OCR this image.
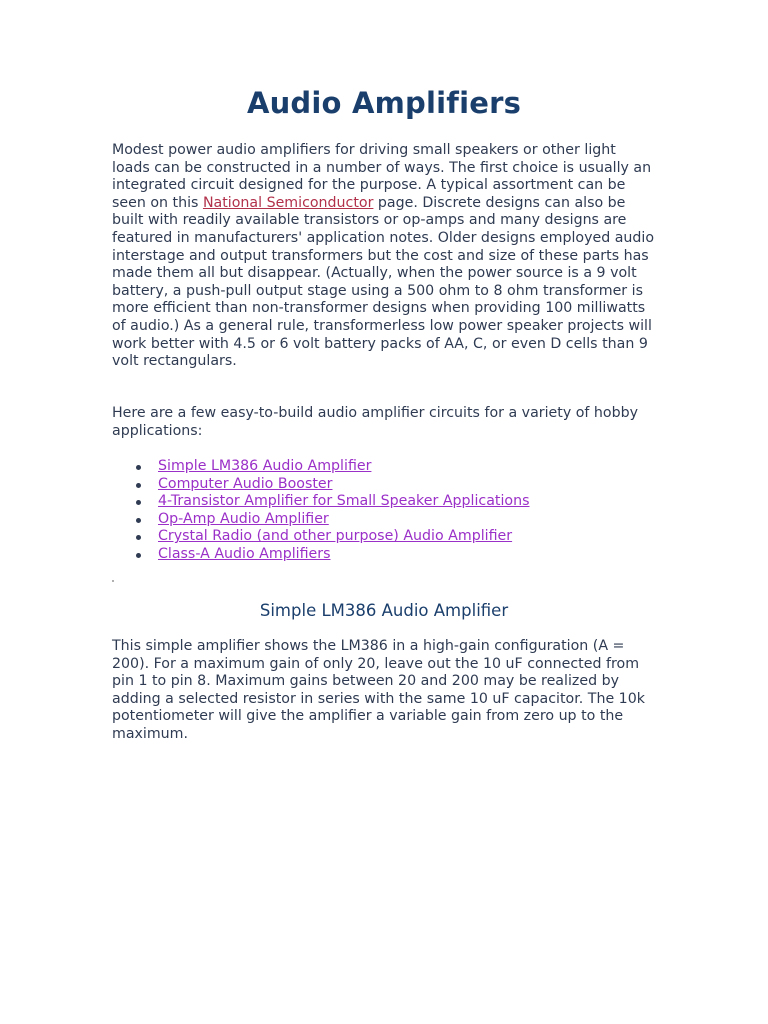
Audio Amplifiers

Modest power audio amplifiers for driving small speakers or other light loads can be constructed in a number of ways. The first choice is usually an integrated circuit designed for the purpose. A typical assortment can be seen on this National Semiconductor page. Discrete designs can also be built with readily available transistors or op-amps and many designs are featured in manufacturers' application notes. Older designs employed audio interstage and output transformers but the cost and size of these parts has made them all but disappear. (Actually, when the power source is a 9 volt battery, a push-pull output stage using a 500 ohm to 8 ohm transformer is more efficient than non-transformer designs when providing 100 milliwatts of audio.) As a general rule, transformerless low power speaker projects will work better with 4.5 or 6 volt battery packs of AA, C, or even D cells than 9 volt rectangulars.

Here are a few easy-to-build audio amplifier circuits for a variety of hobby applications:

Simple LM386 Audio Amplifier
Computer Audio Booster
4-Transistor Amplifier for Small Speaker Applications
Op-Amp Audio Amplifier
Crystal Radio (and other purpose) Audio Amplifier
Class-A Audio Amplifiers
Simple LM386 Audio Amplifier

This simple amplifier shows the LM386 in a high-gain configuration (A = 200). For a maximum gain of only 20, leave out the 10 uF connected from pin 1 to pin 8. Maximum gains between 20 and 200 may be realized by adding a selected resistor in series with the same 10 uF capacitor. The 10k potentiometer will give the amplifier a variable gain from zero up to the maximum.
